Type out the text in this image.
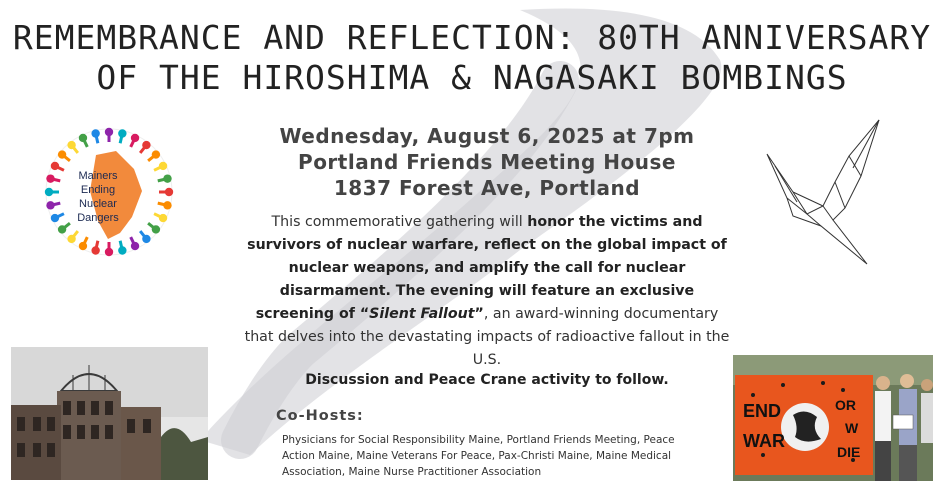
REMEMBRANCE AND REFLECTION: 80TH ANNIVERSARY
OF THE HIROSHIMA & NAGASAKI BOMBINGS
Mainers
Ending
Nuclear
Dangers
Wednesday, August 6, 2025 at 7pm
Portland Friends Meeting House
1837 Forest Ave, Portland
This commemorative gathering will honor the victims and survivors of nuclear warfare, reflect on the global impact of nuclear weapons, and amplify the call for nuclear disarmament. The evening will feature an exclusive screening of “Silent Fallout”, an award-winning documentary that delves into the devastating impacts of radioactive fallout in the U.S.
Discussion and Peace Crane activity to follow.
Co-Hosts:
Physicians for Social Responsibility Maine, Portland Friends Meeting, Peace Action Maine, Maine Veterans For Peace, Pax-Christi Maine, Maine Medical Association, Maine Nurse Practitioner Association
END
WAR
OR
W
DIE
